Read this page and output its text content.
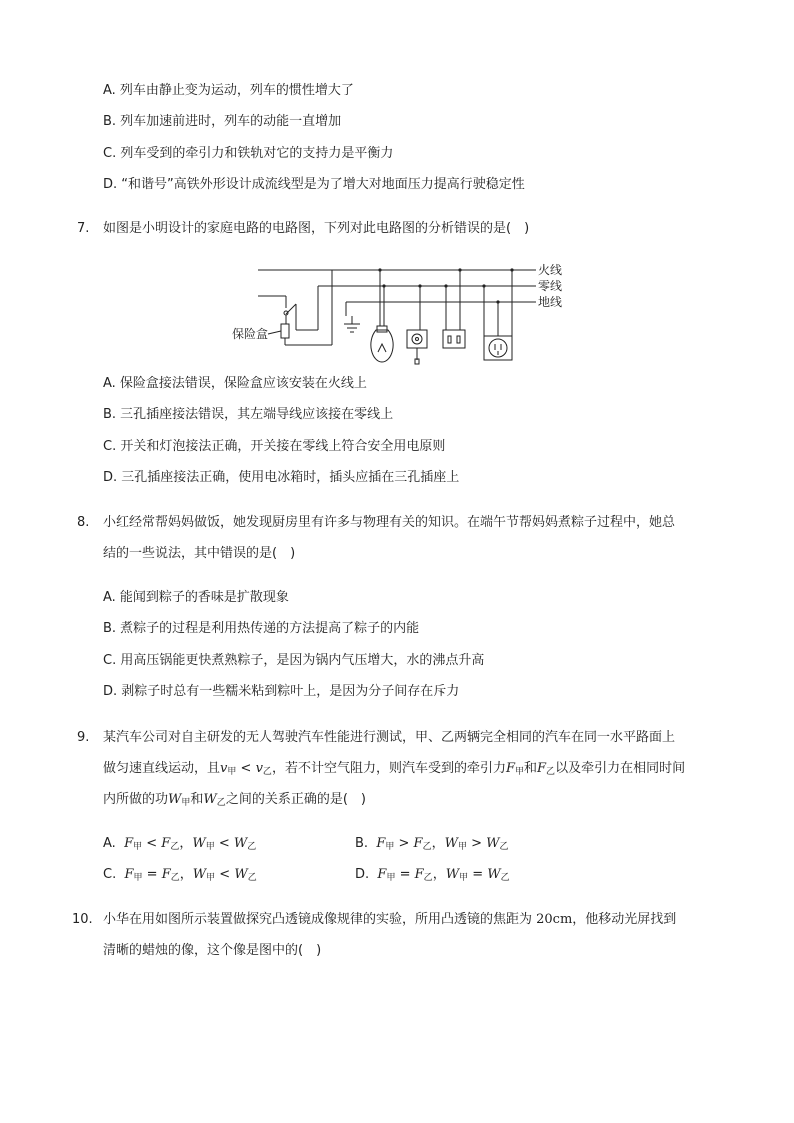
A. 列车由静止变为运动，列车的惯性增大了
B. 列车加速前进时，列车的动能一直增加
C. 列车受到的牵引力和铁轨对它的支持力是平衡力
D. “和谐号”高铁外形设计成流线型是为了增大对地面压力提高行驶稳定性
7. 如图是小明设计的家庭电路的电路图，下列对此电路图的分析错误的是(　)
火线
零线
地线
保险盒
A. 保险盒接法错误，保险盒应该安装在火线上
B. 三孔插座接法错误，其左端导线应该接在零线上
C. 开关和灯泡接法正确，开关接在零线上符合安全用电原则
D. 三孔插座接法正确，使用电冰箱时，插头应插在三孔插座上
8. 小红经常帮妈妈做饭，她发现厨房里有许多与物理有关的知识。在端午节帮妈妈煮粽子过程中，她总
结的一些说法，其中错误的是(　)
A. 能闻到粽子的香味是扩散现象
B. 煮粽子的过程是利用热传递的方法提高了粽子的内能
C. 用高压锅能更快煮熟粽子，是因为锅内气压增大，水的沸点升高
D. 剥粽子时总有一些糯米粘到粽叶上，是因为分子间存在斥力
9. 某汽车公司对自主研发的无人驾驶汽车性能进行测试，甲、乙两辆完全相同的汽车在同一水平路面上
做匀速直线运动，且$v_甲 < v_乙$，若不计空气阻力，则汽车受到的牵引力$F_甲$和$F_乙$以及牵引力在相同时间
内所做的功$W_甲$和$W_乙$之间的关系正确的是(　)
A. $F_甲 < F_乙$，$W_甲 < W_乙$	B. $F_甲 > F_乙$，$W_甲 > W_乙$
C. $F_甲 = F_乙$，$W_甲 < W_乙$	D. $F_甲 = F_乙$，$W_甲 = W_乙$
10. 小华在用如图所示装置做探究凸透镜成像规律的实验，所用凸透镜的焦距为 20cm，他移动光屏找到
清晰的蜡烛的像，这个像是图中的(　)
